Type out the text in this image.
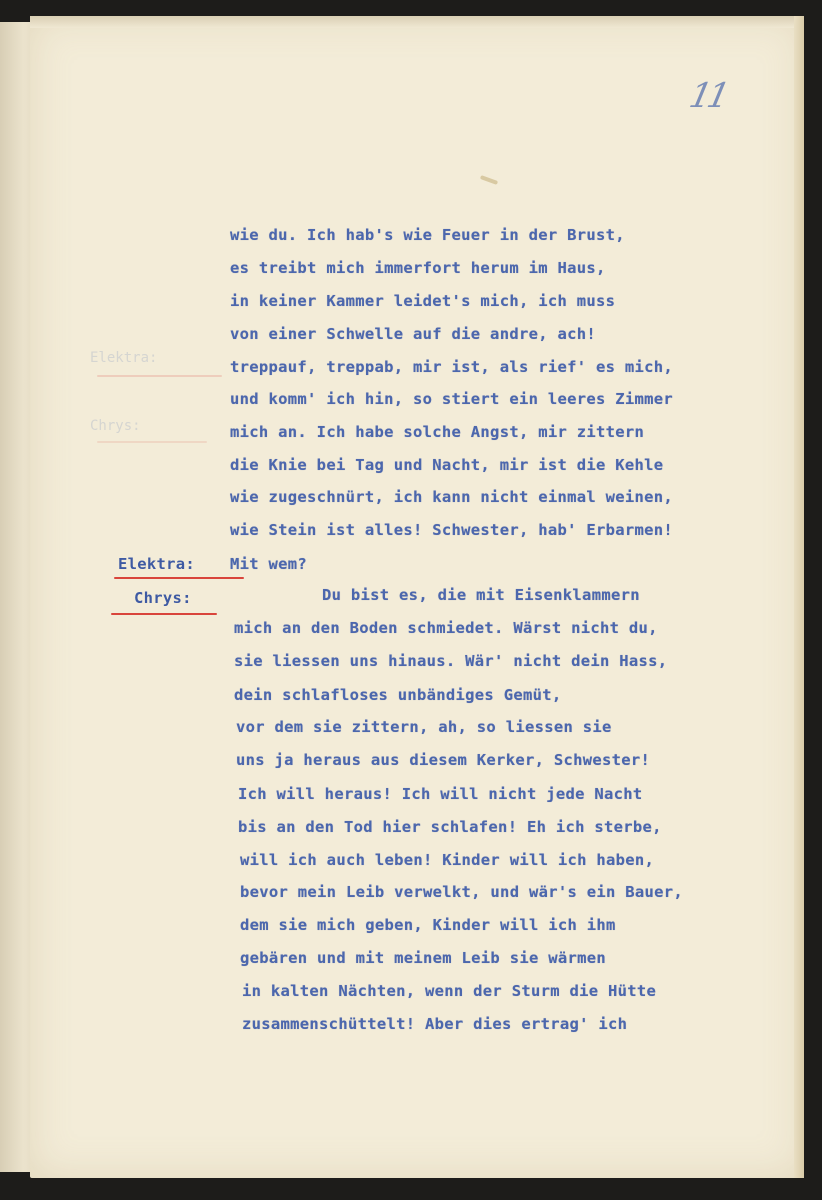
11
Elektra:
Chrys:
wie du. Ich hab's wie Feuer in der Brust,
es treibt mich immerfort herum im Haus,
in keiner Kammer leidet's mich, ich muss
von einer Schwelle auf die andre, ach!
treppauf, treppab, mir ist, als rief' es mich,
und komm' ich hin, so stiert ein leeres Zimmer
mich an. Ich habe solche Angst, mir zittern
die Knie bei Tag und Nacht, mir ist die Kehle
wie zugeschnürt, ich kann nicht einmal weinen,
wie Stein ist alles! Schwester, hab' Erbarmen!
Elektra: Mit wem?
Chrys:	Du bist es, die mit Eisenklammern
mich an den Boden schmiedet. Wärst nicht du,
sie liessen uns hinaus. Wär' nicht dein Hass,
dein schlafloses unbändiges Gemüt,
vor dem sie zittern, ah, so liessen sie
uns ja heraus aus diesem Kerker, Schwester!
Ich will heraus! Ich will nicht jede Nacht
bis an den Tod hier schlafen! Eh ich sterbe,
will ich auch leben! Kinder will ich haben,
bevor mein Leib verwelkt, und wär's ein Bauer,
dem sie mich geben, Kinder will ich ihm
gebären und mit meinem Leib sie wärmen
in kalten Nächten, wenn der Sturm die Hütte
zusammenschüttelt! Aber dies ertrag' ich
